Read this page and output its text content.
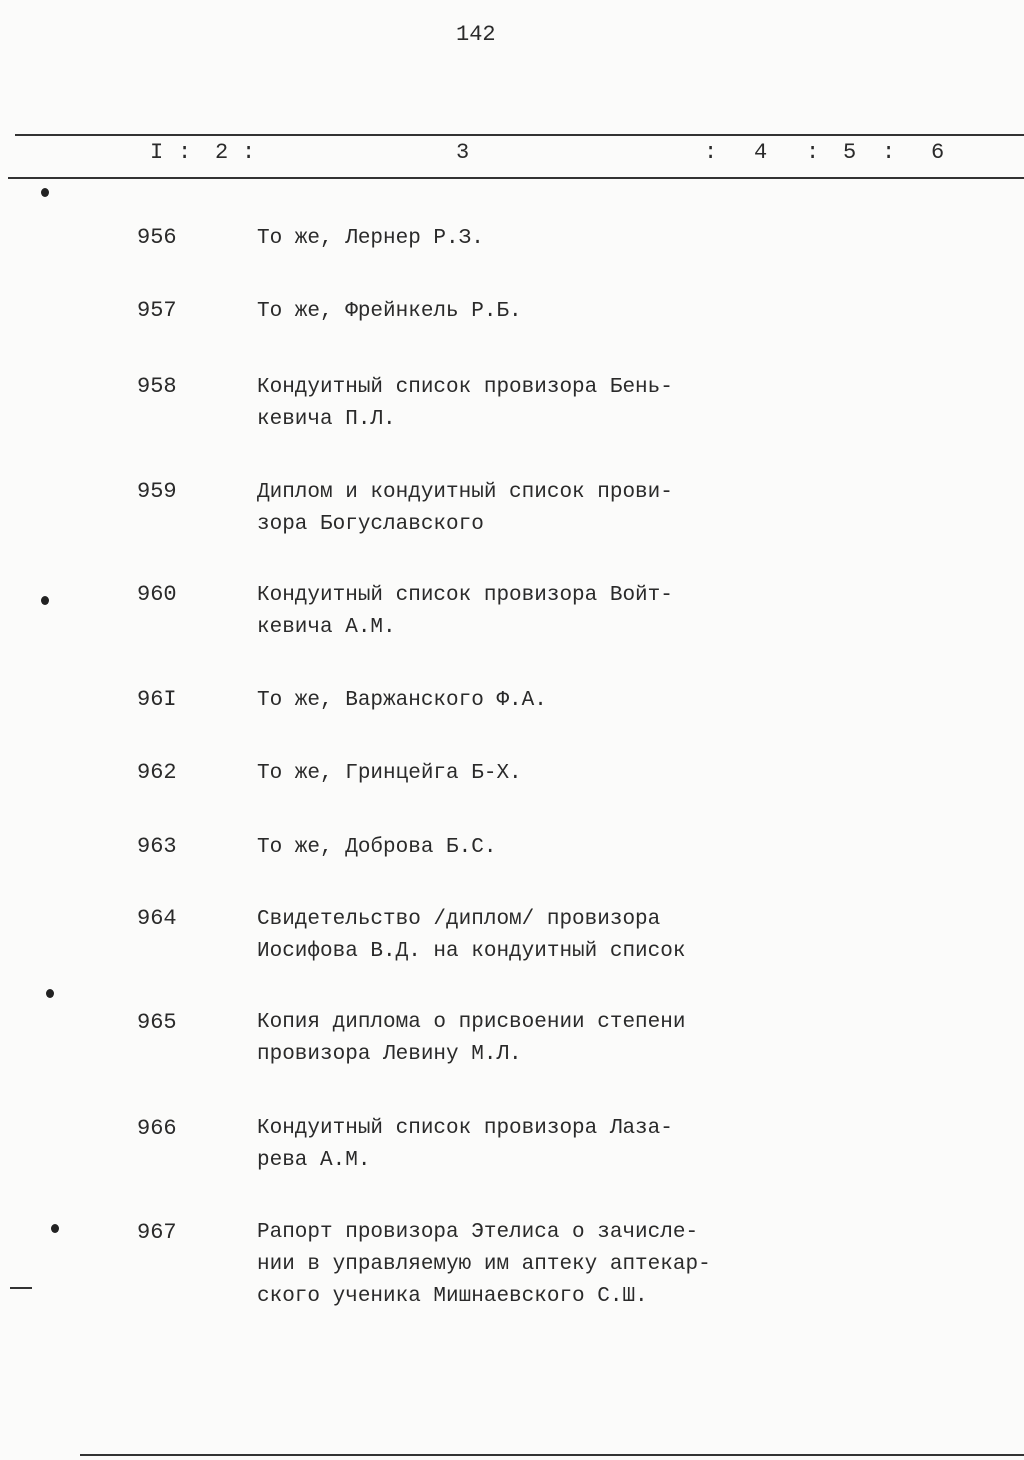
142
I : 2 :	3	: 4 : 5 : 6
956	То же, Лернер Р.З.
957	То же, Фрейнкель Р.Б.
958	Кондуитный список провизора Бень-
кевича П.Л.
959	Диплом и кондуитный список прови-
зора Богуславского
960	Кондуитный список провизора Войт-
кевича А.М.
96I	То же, Варжанского Ф.А.
962	То же, Гринцейга Б-Х.
963	То же, Доброва Б.С.
964	Свидетельство /диплом/ провизора
Иосифова В.Д. на кондуитный список
965	Копия диплома о присвоении степени
провизора Левину М.Л.
966	Кондуитный список провизора Лаза-
рева А.М.
967	Рапорт провизора Этелиса о зачисле-
нии в управляемую им аптеку аптекар-
ского ученика Мишнаевского С.Ш.
